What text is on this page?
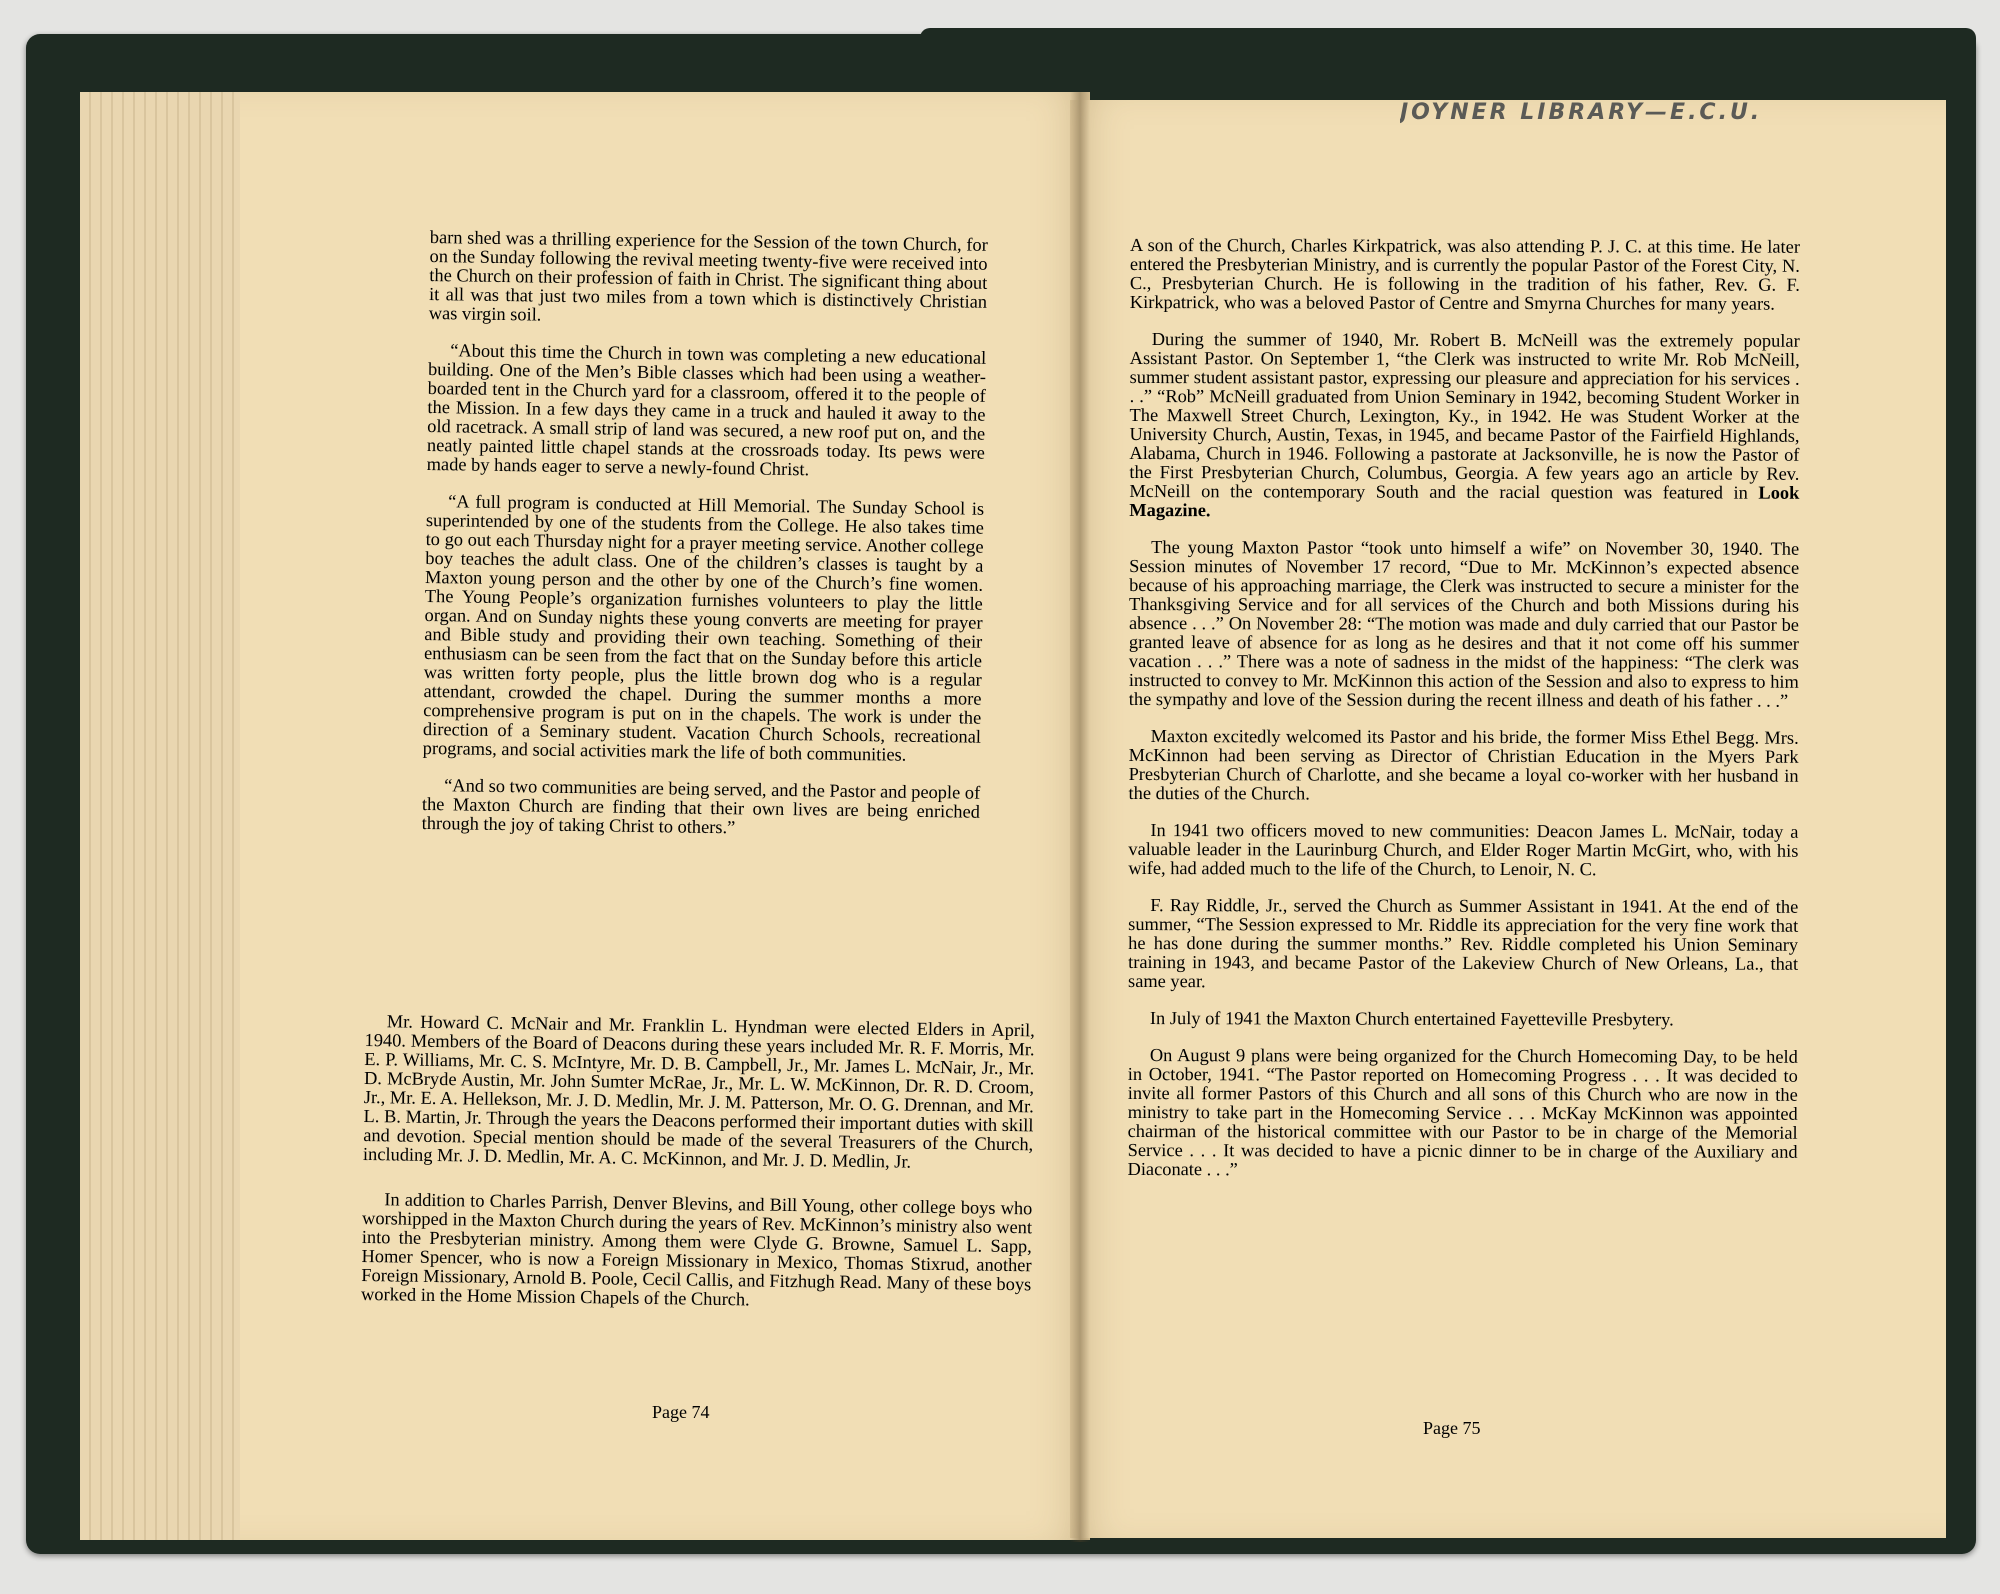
JOYNER LIBRARY—E.C.U.

barn shed was a thrilling experience for the Session of the town Church, for on the Sunday following the revival meeting twenty-five were received into the Church on their profession of faith in Christ. The significant thing about it all was that just two miles from a town which is distinctively Christian was virgin soil.

“About this time the Church in town was completing a new educational building. One of the Men’s Bible classes which had been using a weather-boarded tent in the Church yard for a classroom, offered it to the people of the Mission. In a few days they came in a truck and hauled it away to the old racetrack. A small strip of land was secured, a new roof put on, and the neatly painted little chapel stands at the crossroads today. Its pews were made by hands eager to serve a newly-found Christ.

“A full program is conducted at Hill Memorial. The Sunday School is superintended by one of the students from the College. He also takes time to go out each Thursday night for a prayer meeting service. Another college boy teaches the adult class. One of the children’s classes is taught by a Maxton young person and the other by one of the Church’s fine women. The Young People’s organization furnishes volunteers to play the little organ. And on Sunday nights these young converts are meeting for prayer and Bible study and providing their own teaching. Something of their enthusiasm can be seen from the fact that on the Sunday before this article was written forty people, plus the little brown dog who is a regular attendant, crowded the chapel. During the summer months a more comprehensive program is put on in the chapels. The work is under the direction of a Seminary student. Vacation Church Schools, recreational programs, and social activities mark the life of both communities.

“And so two communities are being served, and the Pastor and people of the Maxton Church are finding that their own lives are being enriched through the joy of taking Christ to others.”

Mr. Howard C. McNair and Mr. Franklin L. Hyndman were elected Elders in April, 1940. Members of the Board of Deacons during these years included Mr. R. F. Morris, Mr. E. P. Williams, Mr. C. S. McIntyre, Mr. D. B. Campbell, Jr., Mr. James L. McNair, Jr., Mr. D. McBryde Austin, Mr. John Sumter McRae, Jr., Mr. L. W. McKinnon, Dr. R. D. Croom, Jr., Mr. E. A. Hellekson, Mr. J. D. Medlin, Mr. J. M. Patterson, Mr. O. G. Drennan, and Mr. L. B. Martin, Jr. Through the years the Deacons performed their important duties with skill and devotion. Special mention should be made of the several Treasurers of the Church, including Mr. J. D. Medlin, Mr. A. C. McKinnon, and Mr. J. D. Medlin, Jr.

In addition to Charles Parrish, Denver Blevins, and Bill Young, other college boys who worshipped in the Maxton Church during the years of Rev. McKinnon’s ministry also went into the Presbyterian ministry. Among them were Clyde G. Browne, Samuel L. Sapp, Homer Spencer, who is now a Foreign Missionary in Mexico, Thomas Stixrud, another Foreign Missionary, Arnold B. Poole, Cecil Callis, and Fitzhugh Read. Many of these boys worked in the Home Mission Chapels of the Church.

Page 74

A son of the Church, Charles Kirkpatrick, was also attending P. J. C. at this time. He later entered the Presbyterian Ministry, and is currently the popular Pastor of the Forest City, N. C., Presbyterian Church. He is following in the tradition of his father, Rev. G. F. Kirkpatrick, who was a beloved Pastor of Centre and Smyrna Churches for many years.

During the summer of 1940, Mr. Robert B. McNeill was the extremely popular Assistant Pastor. On September 1, “the Clerk was instructed to write Mr. Rob McNeill, summer student assistant pastor, expressing our pleasure and appreciation for his services . . .” “Rob” McNeill graduated from Union Seminary in 1942, becoming Student Worker in The Maxwell Street Church, Lexington, Ky., in 1942. He was Student Worker at the University Church, Austin, Texas, in 1945, and became Pastor of the Fairfield Highlands, Alabama, Church in 1946. Following a pastorate at Jacksonville, he is now the Pastor of the First Presbyterian Church, Columbus, Georgia. A few years ago an article by Rev. McNeill on the contemporary South and the racial question was featured in Look Magazine.

The young Maxton Pastor “took unto himself a wife” on November 30, 1940. The Session minutes of November 17 record, “Due to Mr. McKinnon’s expected absence because of his approaching marriage, the Clerk was instructed to secure a minister for the Thanksgiving Service and for all services of the Church and both Missions during his absence . . .” On November 28: “The motion was made and duly carried that our Pastor be granted leave of absence for as long as he desires and that it not come off his summer vacation . . .” There was a note of sadness in the midst of the happiness: “The clerk was instructed to convey to Mr. McKinnon this action of the Session and also to express to him the sympathy and love of the Session during the recent illness and death of his father . . .”

Maxton excitedly welcomed its Pastor and his bride, the former Miss Ethel Begg. Mrs. McKinnon had been serving as Director of Christian Education in the Myers Park Presbyterian Church of Charlotte, and she became a loyal co-worker with her husband in the duties of the Church.

In 1941 two officers moved to new communities: Deacon James L. McNair, today a valuable leader in the Laurinburg Church, and Elder Roger Martin McGirt, who, with his wife, had added much to the life of the Church, to Lenoir, N. C.

F. Ray Riddle, Jr., served the Church as Summer Assistant in 1941. At the end of the summer, “The Session expressed to Mr. Riddle its appreciation for the very fine work that he has done during the summer months.” Rev. Riddle completed his Union Seminary training in 1943, and became Pastor of the Lakeview Church of New Orleans, La., that same year.

In July of 1941 the Maxton Church entertained Fayetteville Presbytery.

On August 9 plans were being organized for the Church Homecoming Day, to be held in October, 1941. “The Pastor reported on Homecoming Progress . . . It was decided to invite all former Pastors of this Church and all sons of this Church who are now in the ministry to take part in the Homecoming Service . . . McKay McKinnon was appointed chairman of the historical committee with our Pastor to be in charge of the Memorial Service . . . It was decided to have a picnic dinner to be in charge of the Auxiliary and Diaconate . . .”

Page 75
